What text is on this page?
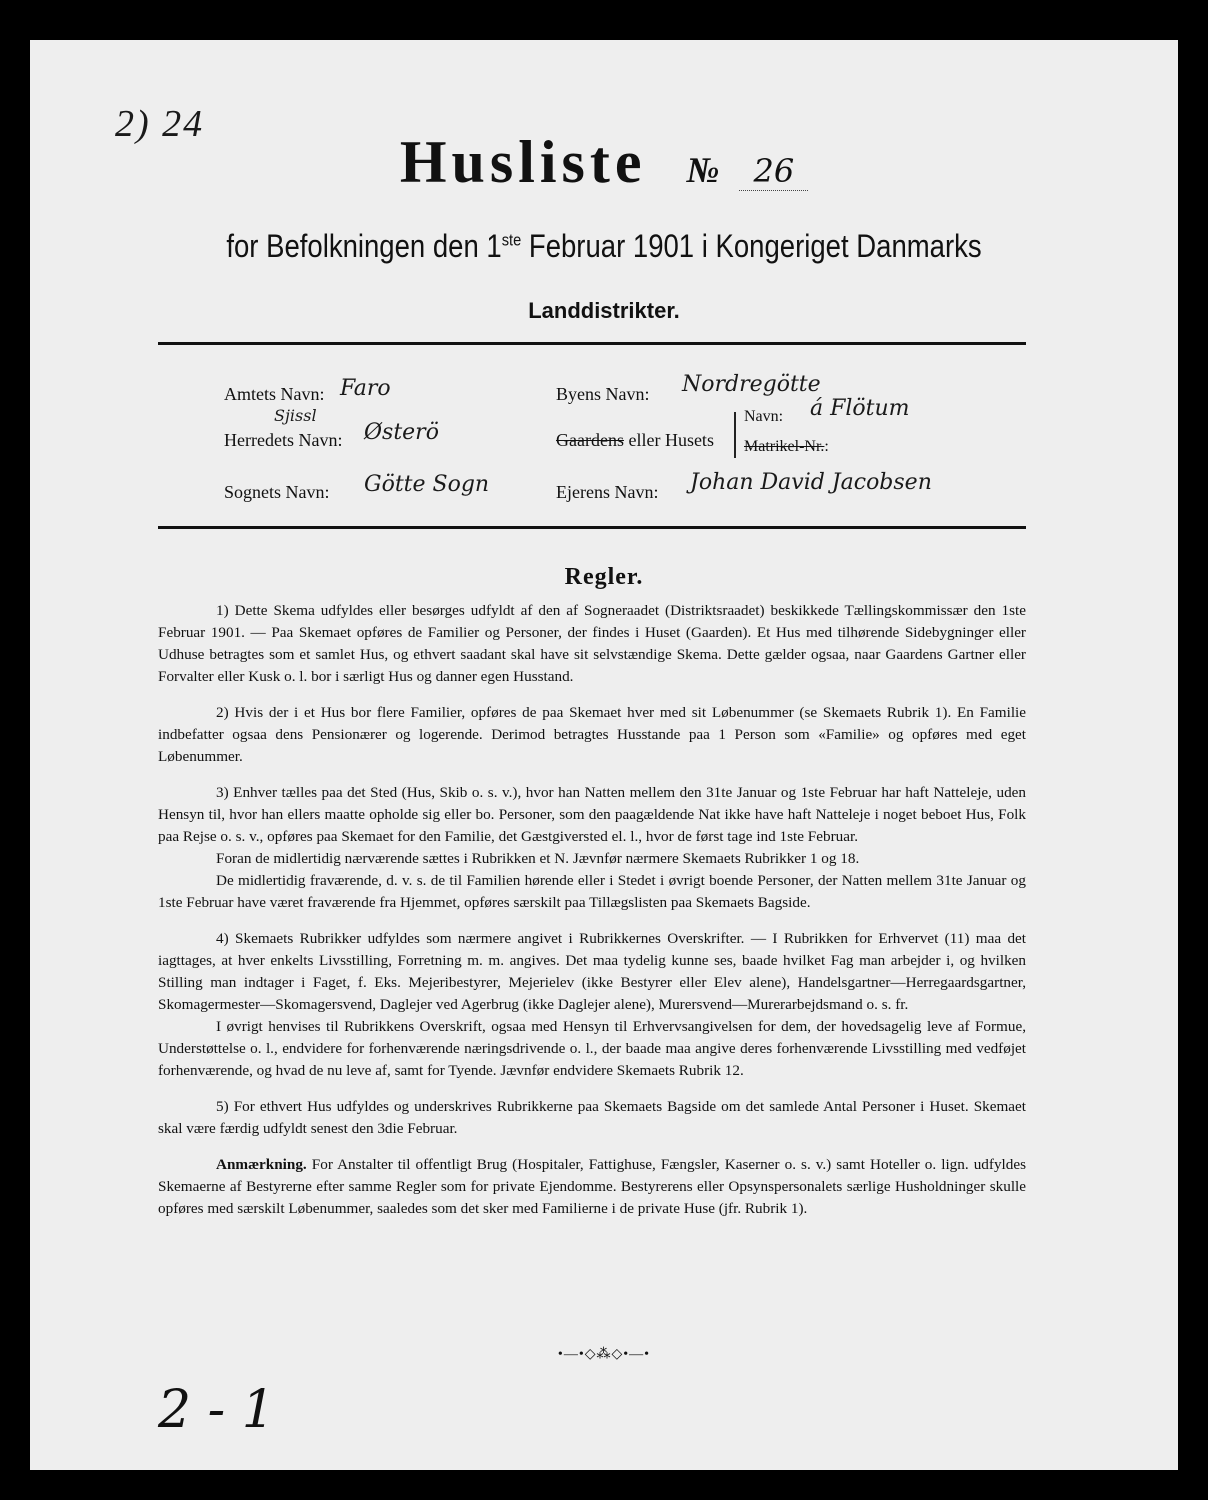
2) 24
Husliste № 26
for Befolkningen den 1ste Februar 1901 i Kongeriget Danmarks
Landdistrikter.
Amtets Navn: Faro
Sjissl
Herredets Navn: Østerö
Sognets Navn: Götte Sogn
Byens Navn: Nordregötte
Gaardens eller Husets
Navn: á Flötum
Matrikel-Nr.:
Ejerens Navn: Johan David Jacobsen
Regler.

1) Dette Skema udfyldes eller besørges udfyldt af den af Sogneraadet (Distriktsraadet) beskikkede Tællingskommissær den 1ste Februar 1901. — Paa Skemaet opføres de Familier og Personer, der findes i Huset (Gaarden). Et Hus med tilhørende Sidebygninger eller Udhuse betragtes som et samlet Hus, og ethvert saadant skal have sit selvstændige Skema. Dette gælder ogsaa, naar Gaardens Gartner eller Forvalter eller Kusk o. l. bor i særligt Hus og danner egen Husstand.

2) Hvis der i et Hus bor flere Familier, opføres de paa Skemaet hver med sit Løbenummer (se Skemaets Rubrik 1). En Familie indbefatter ogsaa dens Pensionærer og logerende. Derimod betragtes Husstande paa 1 Person som «Familie» og opføres med eget Løbenummer.

3) Enhver tælles paa det Sted (Hus, Skib o. s. v.), hvor han Natten mellem den 31te Januar og 1ste Februar har haft Natteleje, uden Hensyn til, hvor han ellers maatte opholde sig eller bo. Personer, som den paagældende Nat ikke have haft Natteleje i noget beboet Hus, Folk paa Rejse o. s. v., opføres paa Skemaet for den Familie, det Gæstgiversted el. l., hvor de først tage ind 1ste Februar.

Foran de midlertidig nærværende sættes i Rubrikken et N. Jævnfør nærmere Skemaets Rubrikker 1 og 18.

De midlertidig fraværende, d. v. s. de til Familien hørende eller i Stedet i øvrigt boende Personer, der Natten mellem 31te Januar og 1ste Februar have været fraværende fra Hjemmet, opføres særskilt paa Tillægslisten paa Skemaets Bagside.

4) Skemaets Rubrikker udfyldes som nærmere angivet i Rubrikkernes Overskrifter. — I Rubrikken for Erhvervet (11) maa det iagttages, at hver enkelts Livsstilling, Forretning m. m. angives. Det maa tydelig kunne ses, baade hvilket Fag man arbejder i, og hvilken Stilling man indtager i Faget, f. Eks. Mejeribestyrer, Mejerielev (ikke Bestyrer eller Elev alene), Handelsgartner—Herregaardsgartner, Skomagermester—Skomagersvend, Daglejer ved Agerbrug (ikke Daglejer alene), Murersvend—Murerarbejdsmand o. s. fr.

I øvrigt henvises til Rubrikkens Overskrift, ogsaa med Hensyn til Erhvervsangivelsen for dem, der hovedsagelig leve af Formue, Understøttelse o. l., endvidere for forhenværende næringsdrivende o. l., der baade maa angive deres forhenværende Livsstilling med vedføjet forhenværende, og hvad de nu leve af, samt for Tyende. Jævnfør endvidere Skemaets Rubrik 12.

5) For ethvert Hus udfyldes og underskrives Rubrikkerne paa Skemaets Bagside om det samlede Antal Personer i Huset. Skemaet skal være færdig udfyldt senest den 3die Februar.

Anmærkning. For Anstalter til offentligt Brug (Hospitaler, Fattighuse, Fængsler, Kaserner o. s. v.) samt Hoteller o. lign. udfyldes Skemaerne af Bestyrerne efter samme Regler som for private Ejendomme. Bestyrerens eller Opsynspersonalets særlige Husholdninger skulle opføres med særskilt Løbenummer, saaledes som det sker med Familierne i de private Huse (jfr. Rubrik 1).

•—•◇⁂◇•—•
2 - 1
